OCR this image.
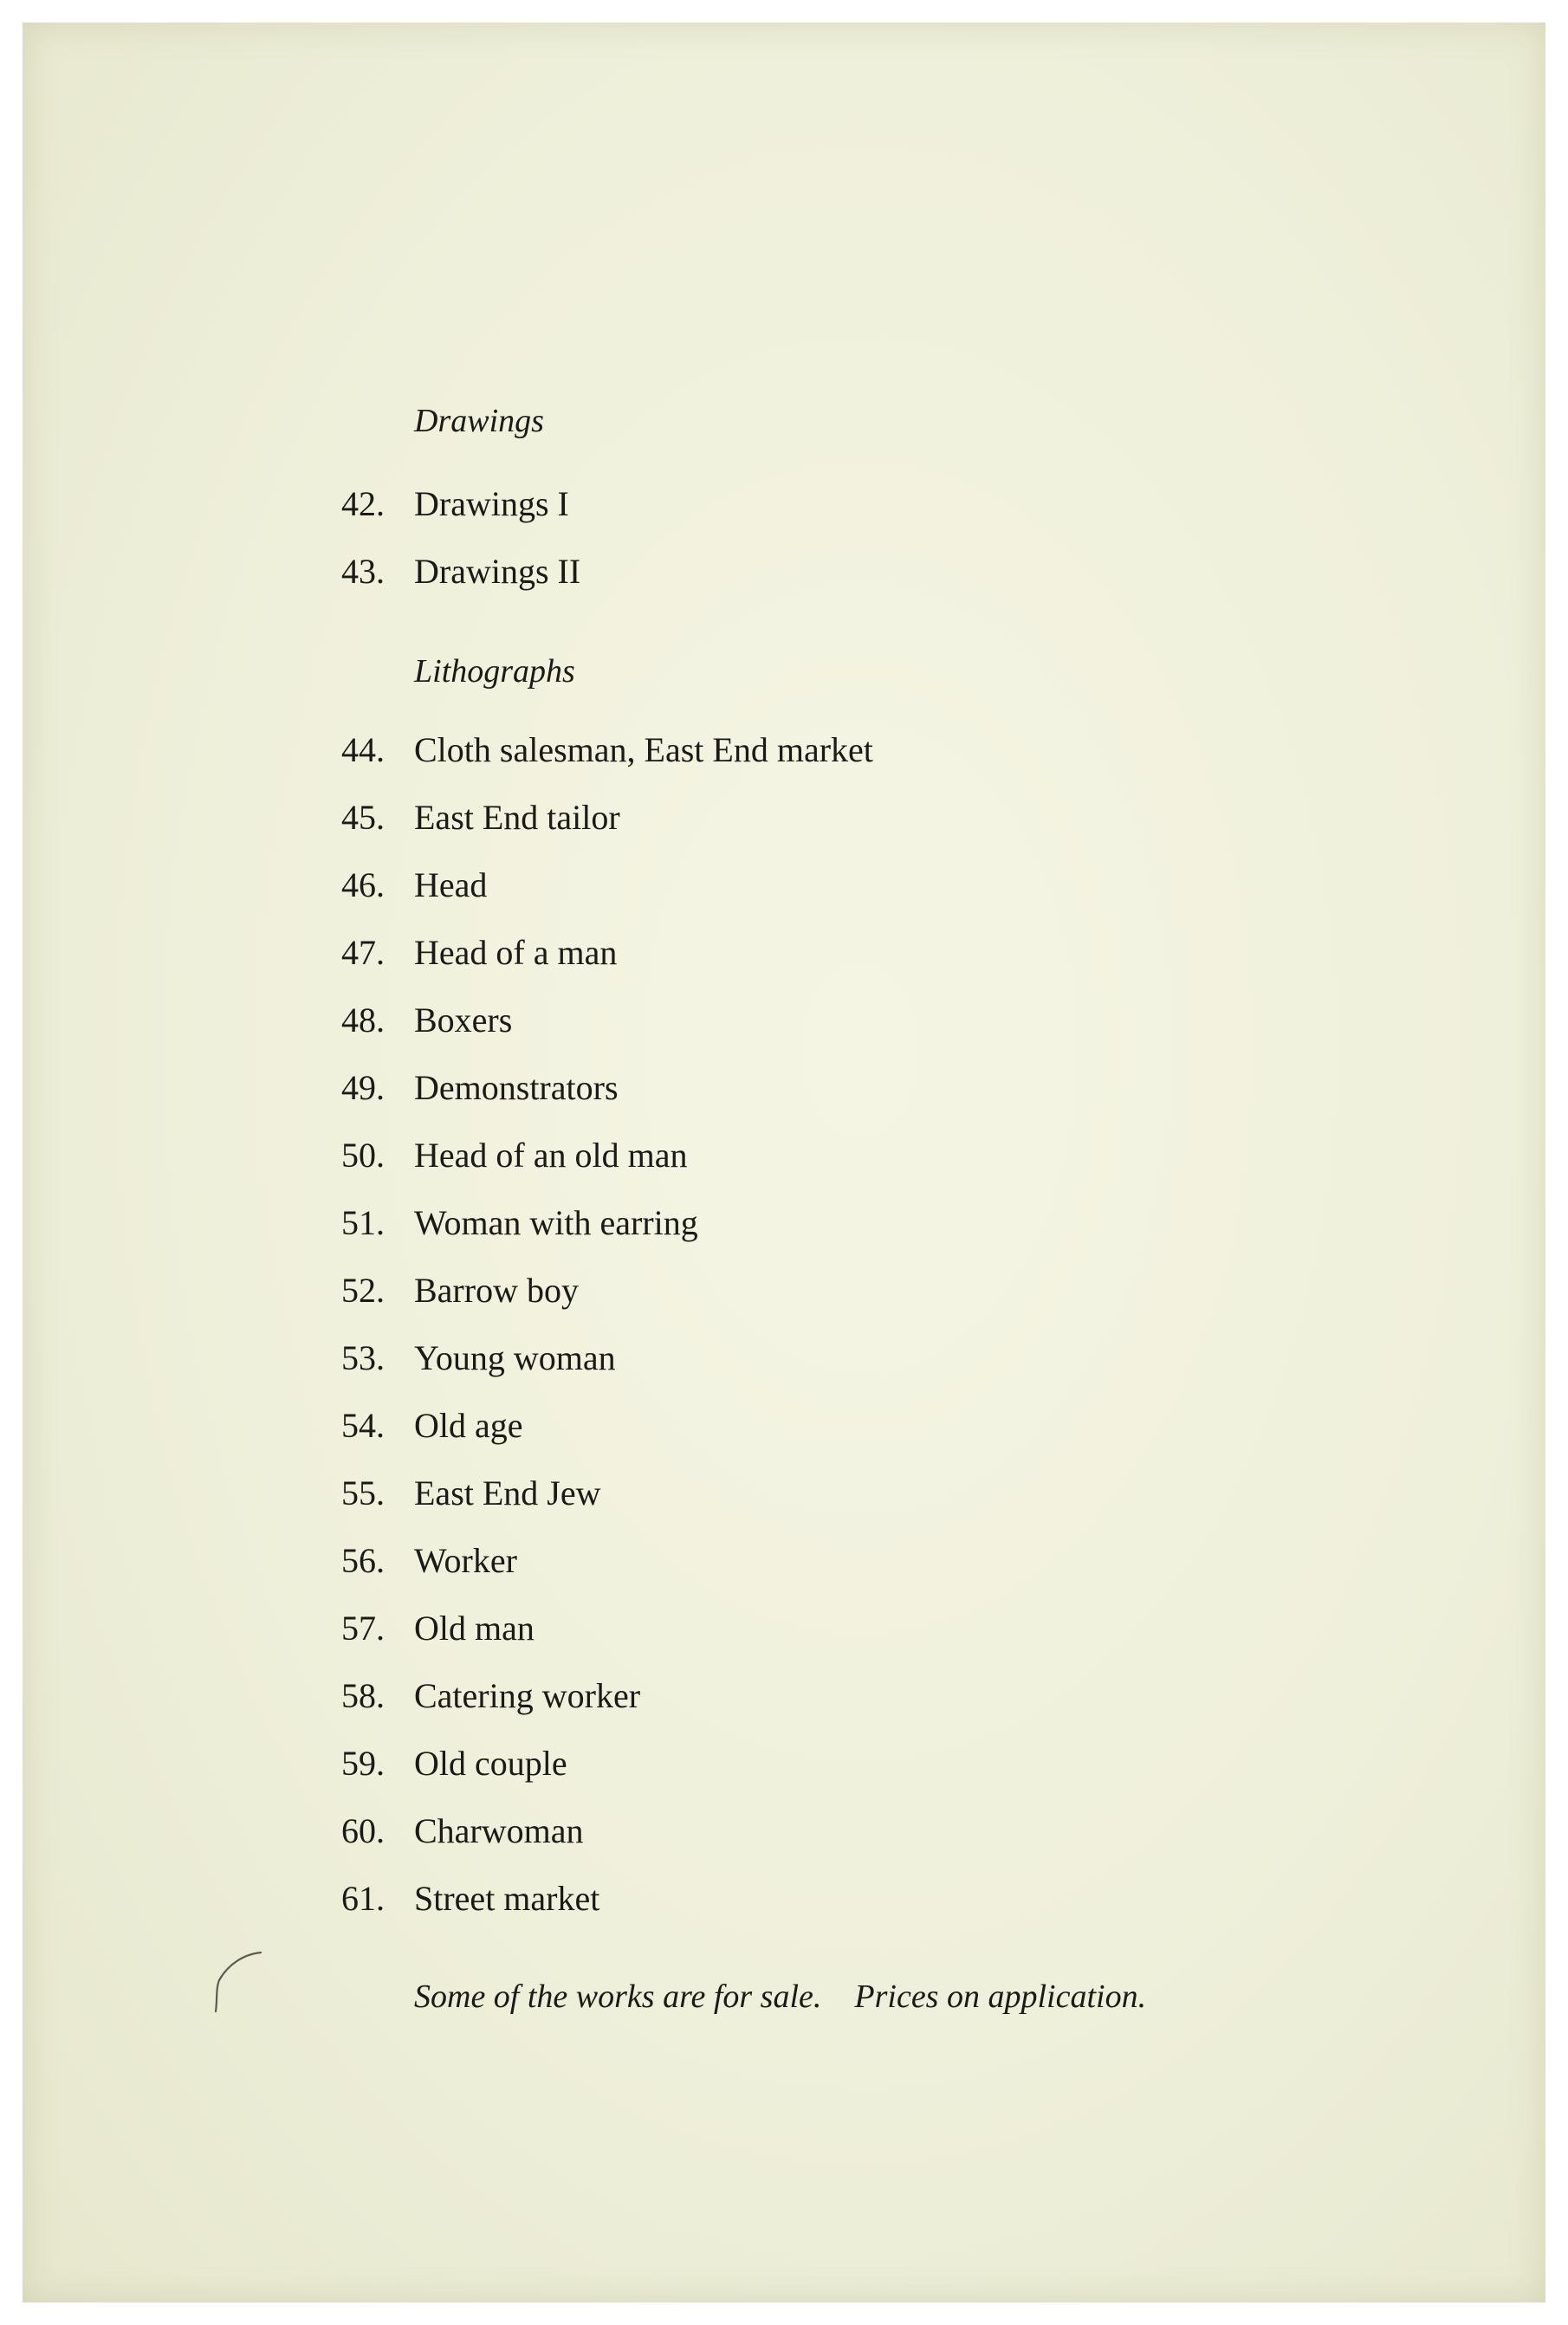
Drawings
42. Drawings I
43. Drawings II
Lithographs
44. Cloth salesman, East End market
45. East End tailor
46. Head
47. Head of a man
48. Boxers
49. Demonstrators
50. Head of an old man
51. Woman with earring
52. Barrow boy
53. Young woman
54. Old age
55. East End Jew
56. Worker
57. Old man
58. Catering worker
59. Old couple
60. Charwoman
61. Street market
Some of the works are for sale. Prices on application.
